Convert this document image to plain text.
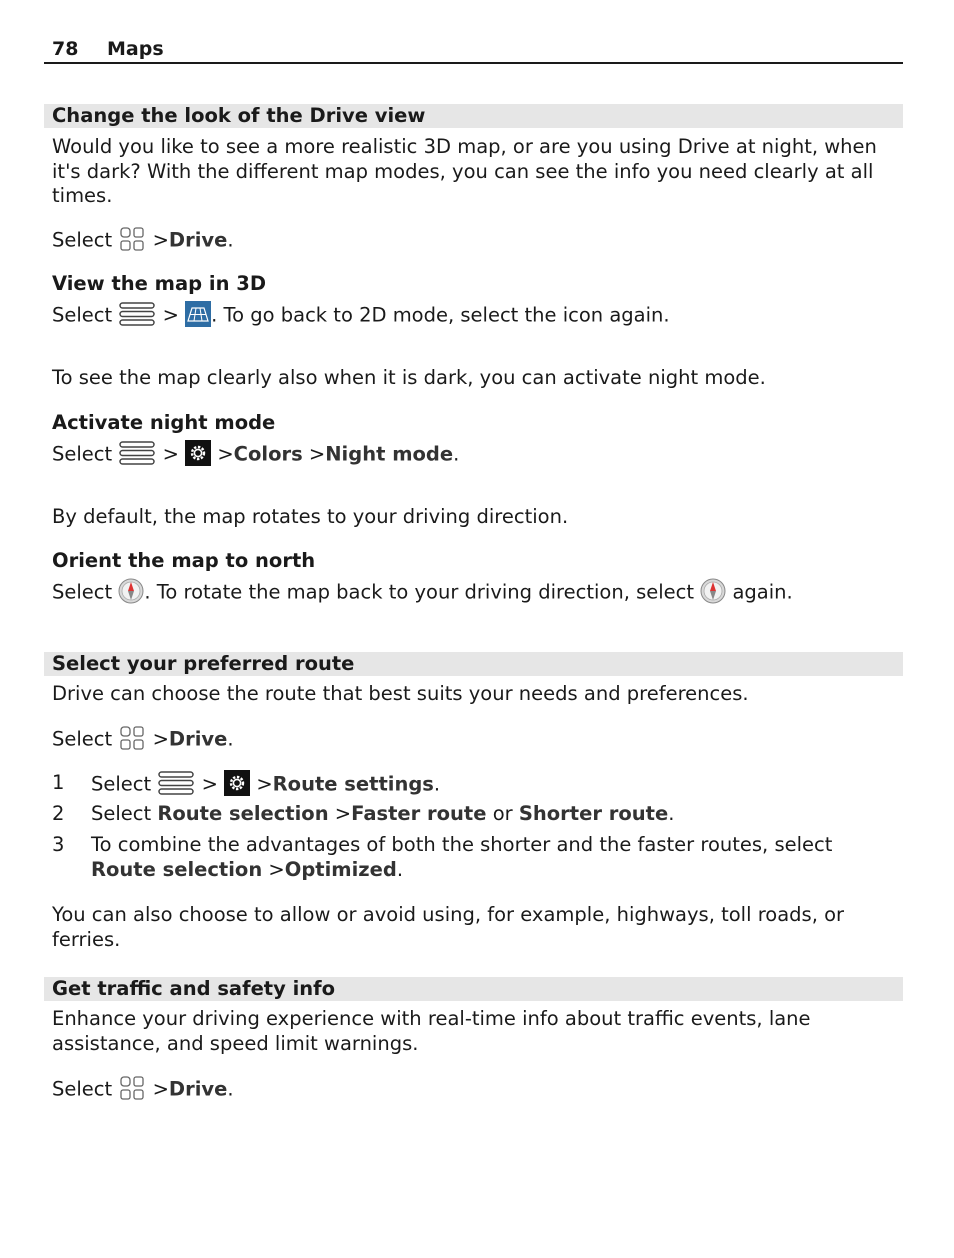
78 Maps
Change the look of the Drive view

Would you like to see a more realistic 3D map, or are you using Drive at night, when it's dark? With the different map modes, you can see the info you need clearly at all times.

Select >Drive.

View the map in 3D

Select	> . To go back to 2D mode, select the icon again.

To see the map clearly also when it is dark, you can activate night mode.

Activate night mode

Select	> >Colors >Night mode.

By default, the map rotates to your driving direction.

Orient the map to north

Select . To rotate the map back to your driving direction, select again.

Select your preferred route

Drive can choose the route that best suits your needs and preferences.

Select >Drive.

1 Select	> >Route settings.
2 Select Route selection >Faster route or Shorter route.
3 To combine the advantages of both the shorter and the faster routes, select Route selection >Optimized.

You can also choose to allow or avoid using, for example, highways, toll roads, or ferries.

Get traffic and safety info

Enhance your driving experience with real-time info about traffic events, lane assistance, and speed limit warnings.

Select >Drive.
